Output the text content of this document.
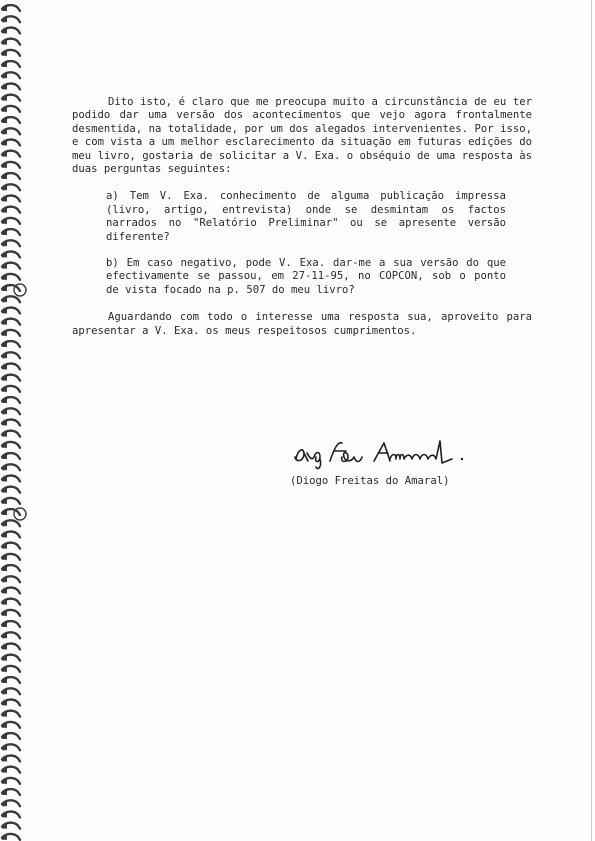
Dito isto, é claro que me preocupa muito a circunstância de eu ter podido dar uma versão dos acontecimentos que vejo agora frontalmente desmentida, na totalidade, por um dos alegados intervenientes. Por isso, e com vista a um melhor esclarecimento da situação em futuras edições do meu livro, gostaria de solicitar a V. Exa. o obséquio de uma resposta às duas perguntas seguintes:

a) Tem V. Exa. conhecimento de alguma publicação impressa (livro, artigo, entrevista) onde se desmintam os factos narrados no "Relatório Preliminar" ou se apresente versão diferente?

b) Em caso negativo, pode V. Exa. dar-me a sua versão do que efectivamente se passou, em 27-11-95, no COPCON, sob o ponto de vista focado na p. 507 do meu livro?

Aguardando com todo o interesse uma resposta sua, aproveito para apresentar a V. Exa. os meus respeitosos cumprimentos.

(Diogo Freitas do Amaral)
